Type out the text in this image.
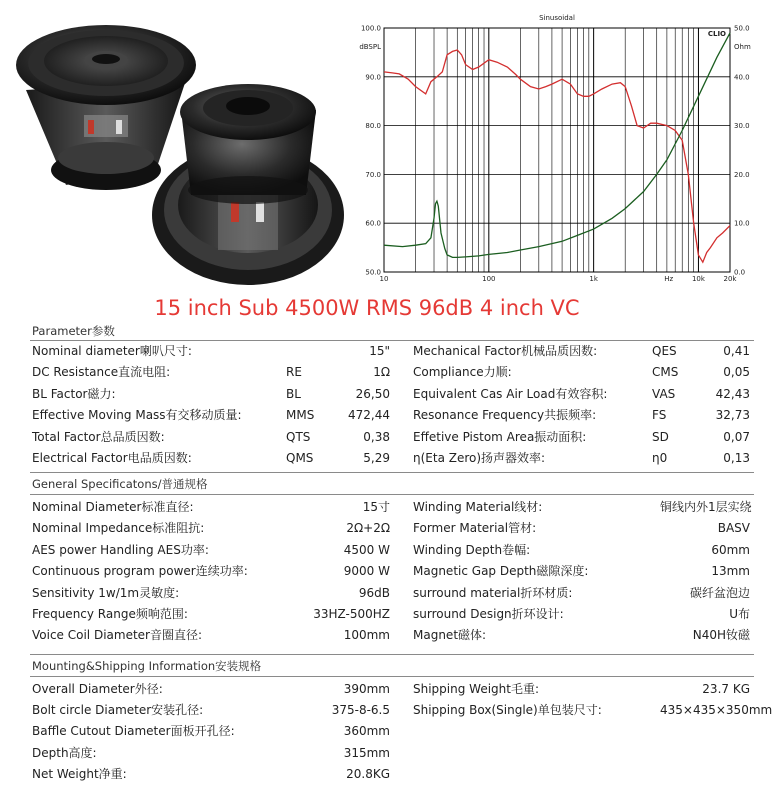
100.0
90.0
80.0
70.0
60.0
50.0
50.0
40.0
30.0
20.0
10.0
0.0
10	100	1k	Hz	10k	20k
Sinusoidal
dBSPL	Ohm
CLIO
15 inch Sub 4500W RMS 96dB 4 inch VC
Parameter参数
Nominal diameter喇叭尺寸:	15"
DC Resistance直流电阻:	RE	1Ω
BL Factor磁力:	BL	26,50
Effective Moving Mass有交移动质量:	MMS	472,44
Total Factor总品质因数:	QTS	0,38
Electrical Factor电品质因数:	QMS	5,29
Mechanical Factor机械品质因数:	QES	0,41
Compliance力顺:	CMS	0,05
Equivalent Cas Air Load有效容积:	VAS	42,43
Resonance Frequency共振频率:	FS	32,73
Effetive Pistom Area振动面积:	SD	0,07
η(Eta Zero)扬声器效率:	η0	0,13
General Specificatons/普通规格
Nominal Diameter标准直径:	15寸
Nominal Impedance标准阻抗:	2Ω+2Ω
AES power Handling AES功率:	4500 W
Continuous program power连续功率:	9000 W
Sensitivity 1w/1m灵敏度:	96dB
Frequency Range频响范围:	33HZ-500HZ
Voice Coil Diameter音圈直径:	100mm
Winding Material线材:	铜线内外1层实绕
Former Material管材:	BASV
Winding Depth卷幅:	60mm
Magnetic Gap Depth磁隙深度:	13mm
surround material折环材质:	碳纤盆泡边
surround Design折环设计:	U布
Magnet磁体:	N40H钕磁
Mounting&Shipping Information安装规格
Overall Diameter外径:	390mm
Bolt circle Diameter安装孔径:	375-8-6.5
Baffle Cutout Diameter面板开孔径:	360mm
Depth高度:	315mm
Net Weight净重:	20.8KG
Shipping Weight毛重:	23.7 KG
Shipping Box(Single)单包装尺寸:	435×435×350mm
